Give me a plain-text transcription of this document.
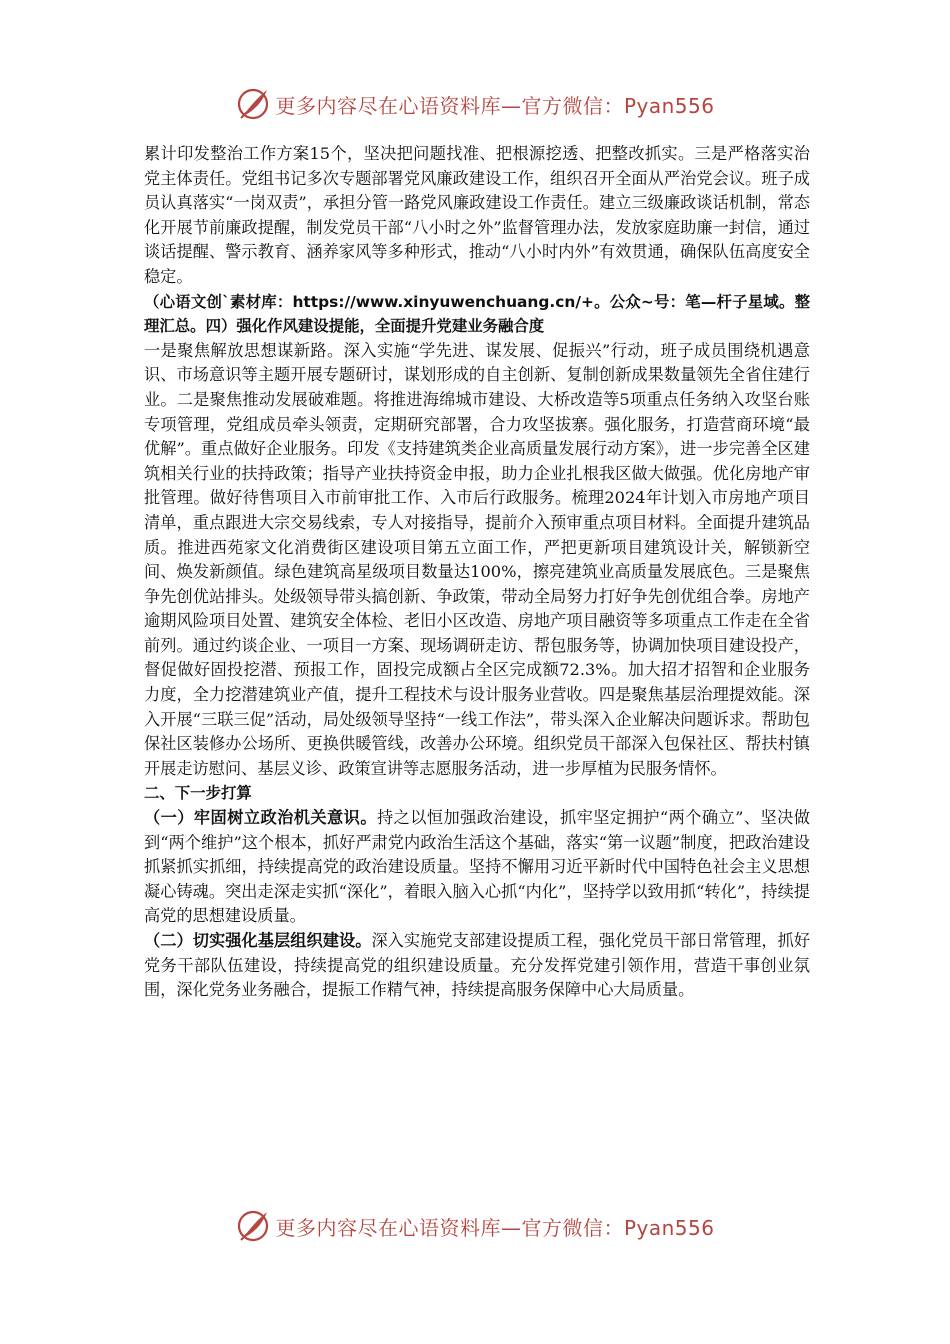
更多内容尽在心语资料库—官方微信：Pyan556

累计印发整治工作方案15个，坚决把问题找准、把根源挖透、把整改抓实。三是严格落实治党主体责任。党组书记多次专题部署党风廉政建设工作，组织召开全面从严治党会议。班子成员认真落实“一岗双责”，承担分管一路党风廉政建设工作责任。建立三级廉政谈话机制，常态化开展节前廉政提醒，制发党员干部“八小时之外”监督管理办法，发放家庭助廉一封信，通过谈话提醒、警示教育、涵养家风等多种形式，推动“八小时内外”有效贯通，确保队伍高度安全稳定。

（心语文创`素材库：https://www.xinyuwenchuang.cn/+。公众~号：笔—杆子星域。整理汇总。四）强化作风建设提能，全面提升党建业务融合度

一是聚焦解放思想谋新路。深入实施“学先进、谋发展、促振兴”行动，班子成员围绕机遇意识、市场意识等主题开展专题研讨，谋划形成的自主创新、复制创新成果数量领先全省住建行业。二是聚焦推动发展破难题。将推进海绵城市建设、大桥改造等5项重点任务纳入攻坚台账专项管理，党组成员牵头领责，定期研究部署，合力攻坚拔寨。强化服务，打造营商环境“最优解”。重点做好企业服务。印发《支持建筑类企业高质量发展行动方案》，进一步完善全区建筑相关行业的扶持政策；指导产业扶持资金申报，助力企业扎根我区做大做强。优化房地产审批管理。做好待售项目入市前审批工作、入市后行政服务。梳理2024年计划入市房地产项目清单，重点跟进大宗交易线索，专人对接指导，提前介入预审重点项目材料。全面提升建筑品质。推进西苑家文化消费街区建设项目第五立面工作，严把更新项目建筑设计关，解锁新空间、焕发新颜值。绿色建筑高星级项目数量达100%，擦亮建筑业高质量发展底色。三是聚焦争先创优站排头。处级领导带头搞创新、争政策，带动全局努力打好争先创优组合拳。房地产逾期风险项目处置、建筑安全体检、老旧小区改造、房地产项目融资等多项重点工作走在全省前列。通过约谈企业、一项目一方案、现场调研走访、帮包服务等，协调加快项目建设投产，督促做好固投挖潜、预报工作，固投完成额占全区完成额72.3%。加大招才招智和企业服务力度，全力挖潜建筑业产值，提升工程技术与设计服务业营收。四是聚焦基层治理提效能。深入开展“三联三促”活动，局处级领导坚持“一线工作法”，带头深入企业解决问题诉求。帮助包保社区装修办公场所、更换供暖管线，改善办公环境。组织党员干部深入包保社区、帮扶村镇开展走访慰问、基层义诊、政策宣讲等志愿服务活动，进一步厚植为民服务情怀。

二、下一步打算

（一）牢固树立政治机关意识。持之以恒加强政治建设，抓牢坚定拥护“两个确立”、坚决做到“两个维护”这个根本，抓好严肃党内政治生活这个基础，落实“第一议题”制度，把政治建设抓紧抓实抓细，持续提高党的政治建设质量。坚持不懈用习近平新时代中国特色社会主义思想凝心铸魂。突出走深走实抓“深化”，着眼入脑入心抓“内化”，坚持学以致用抓“转化”，持续提高党的思想建设质量。

（二）切实强化基层组织建设。深入实施党支部建设提质工程，强化党员干部日常管理，抓好党务干部队伍建设，持续提高党的组织建设质量。充分发挥党建引领作用，营造干事创业氛围，深化党务业务融合，提振工作精气神，持续提高服务保障中心大局质量。

更多内容尽在心语资料库—官方微信：Pyan556
